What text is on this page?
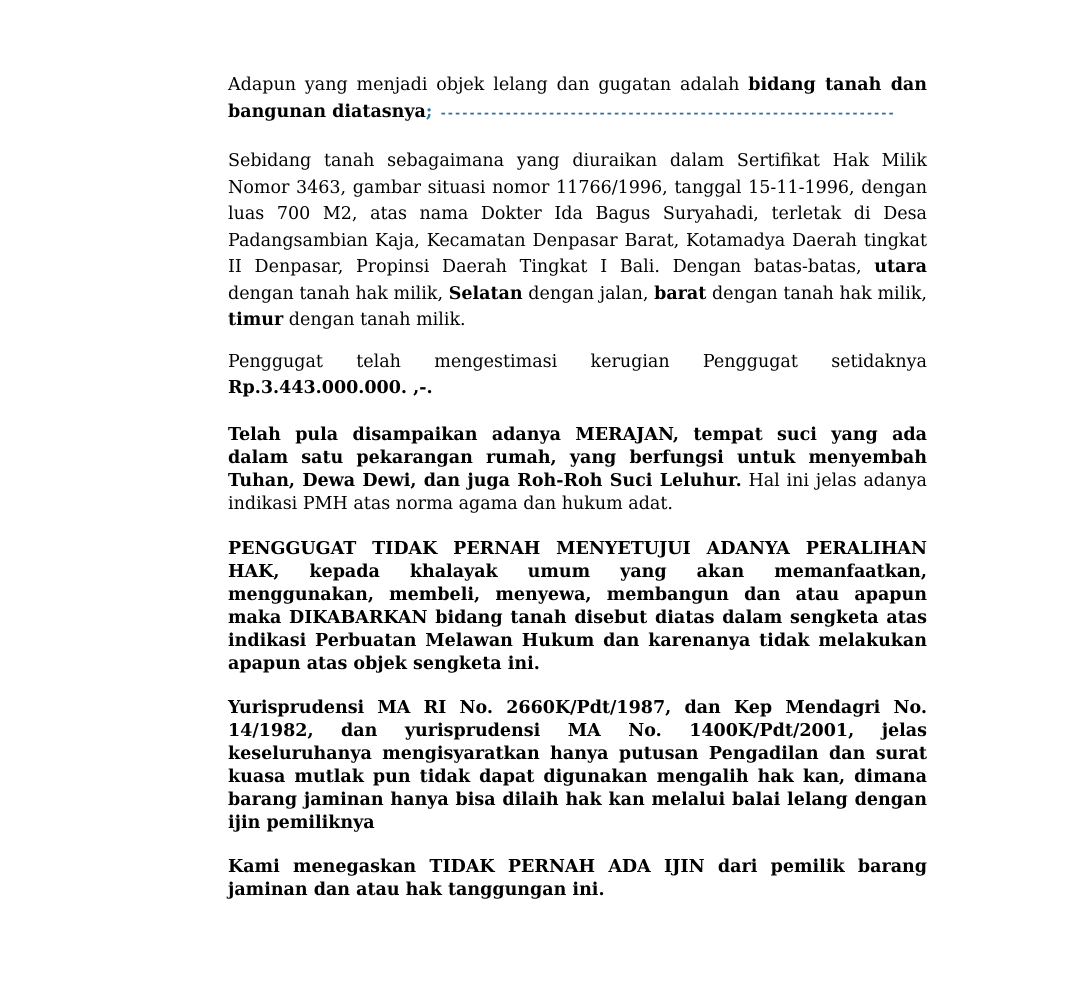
Adapun yang menjadi objek lelang dan gugatan adalah bidang tanah dan bangunan diatasnya; ---------------------------------------------------------------

Sebidang tanah sebagaimana yang diuraikan dalam Sertifikat Hak Milik Nomor 3463, gambar situasi nomor 11766/1996, tanggal 15-11-1996, dengan luas 700 M2, atas nama Dokter Ida Bagus Suryahadi, terletak di Desa Padangsambian Kaja, Kecamatan Denpasar Barat, Kotamadya Daerah tingkat II Denpasar, Propinsi Daerah Tingkat I Bali. Dengan batas-batas, utara dengan tanah hak milik, Selatan dengan jalan, barat dengan tanah hak milik, timur dengan tanah milik.

Penggugat telah mengestimasi kerugian Penggugat setidaknya Rp.3.443.000.000. ,-.

Telah pula disampaikan adanya MERAJAN, tempat suci yang ada dalam satu pekarangan rumah, yang berfungsi untuk menyembah Tuhan, Dewa Dewi, dan juga Roh-Roh Suci Leluhur. Hal ini jelas adanya indikasi PMH atas norma agama dan hukum adat.

PENGGUGAT TIDAK PERNAH MENYETUJUI ADANYA PERALIHAN HAK, kepada khalayak umum yang akan memanfaatkan, menggunakan, membeli, menyewa, membangun dan atau apapun maka DIKABARKAN bidang tanah disebut diatas dalam sengketa atas indikasi Perbuatan Melawan Hukum dan karenanya tidak melakukan apapun atas objek sengketa ini.

Yurisprudensi MA RI No. 2660K/Pdt/1987, dan Kep Mendagri No. 14/1982, dan yurisprudensi MA No. 1400K/Pdt/2001, jelas keseluruhanya mengisyaratkan hanya putusan Pengadilan dan surat kuasa mutlak pun tidak dapat digunakan mengalih hak kan, dimana barang jaminan hanya bisa dilaih hak kan melalui balai lelang dengan ijin pemiliknya

Kami menegaskan TIDAK PERNAH ADA IJIN dari pemilik barang jaminan dan atau hak tanggungan ini.
